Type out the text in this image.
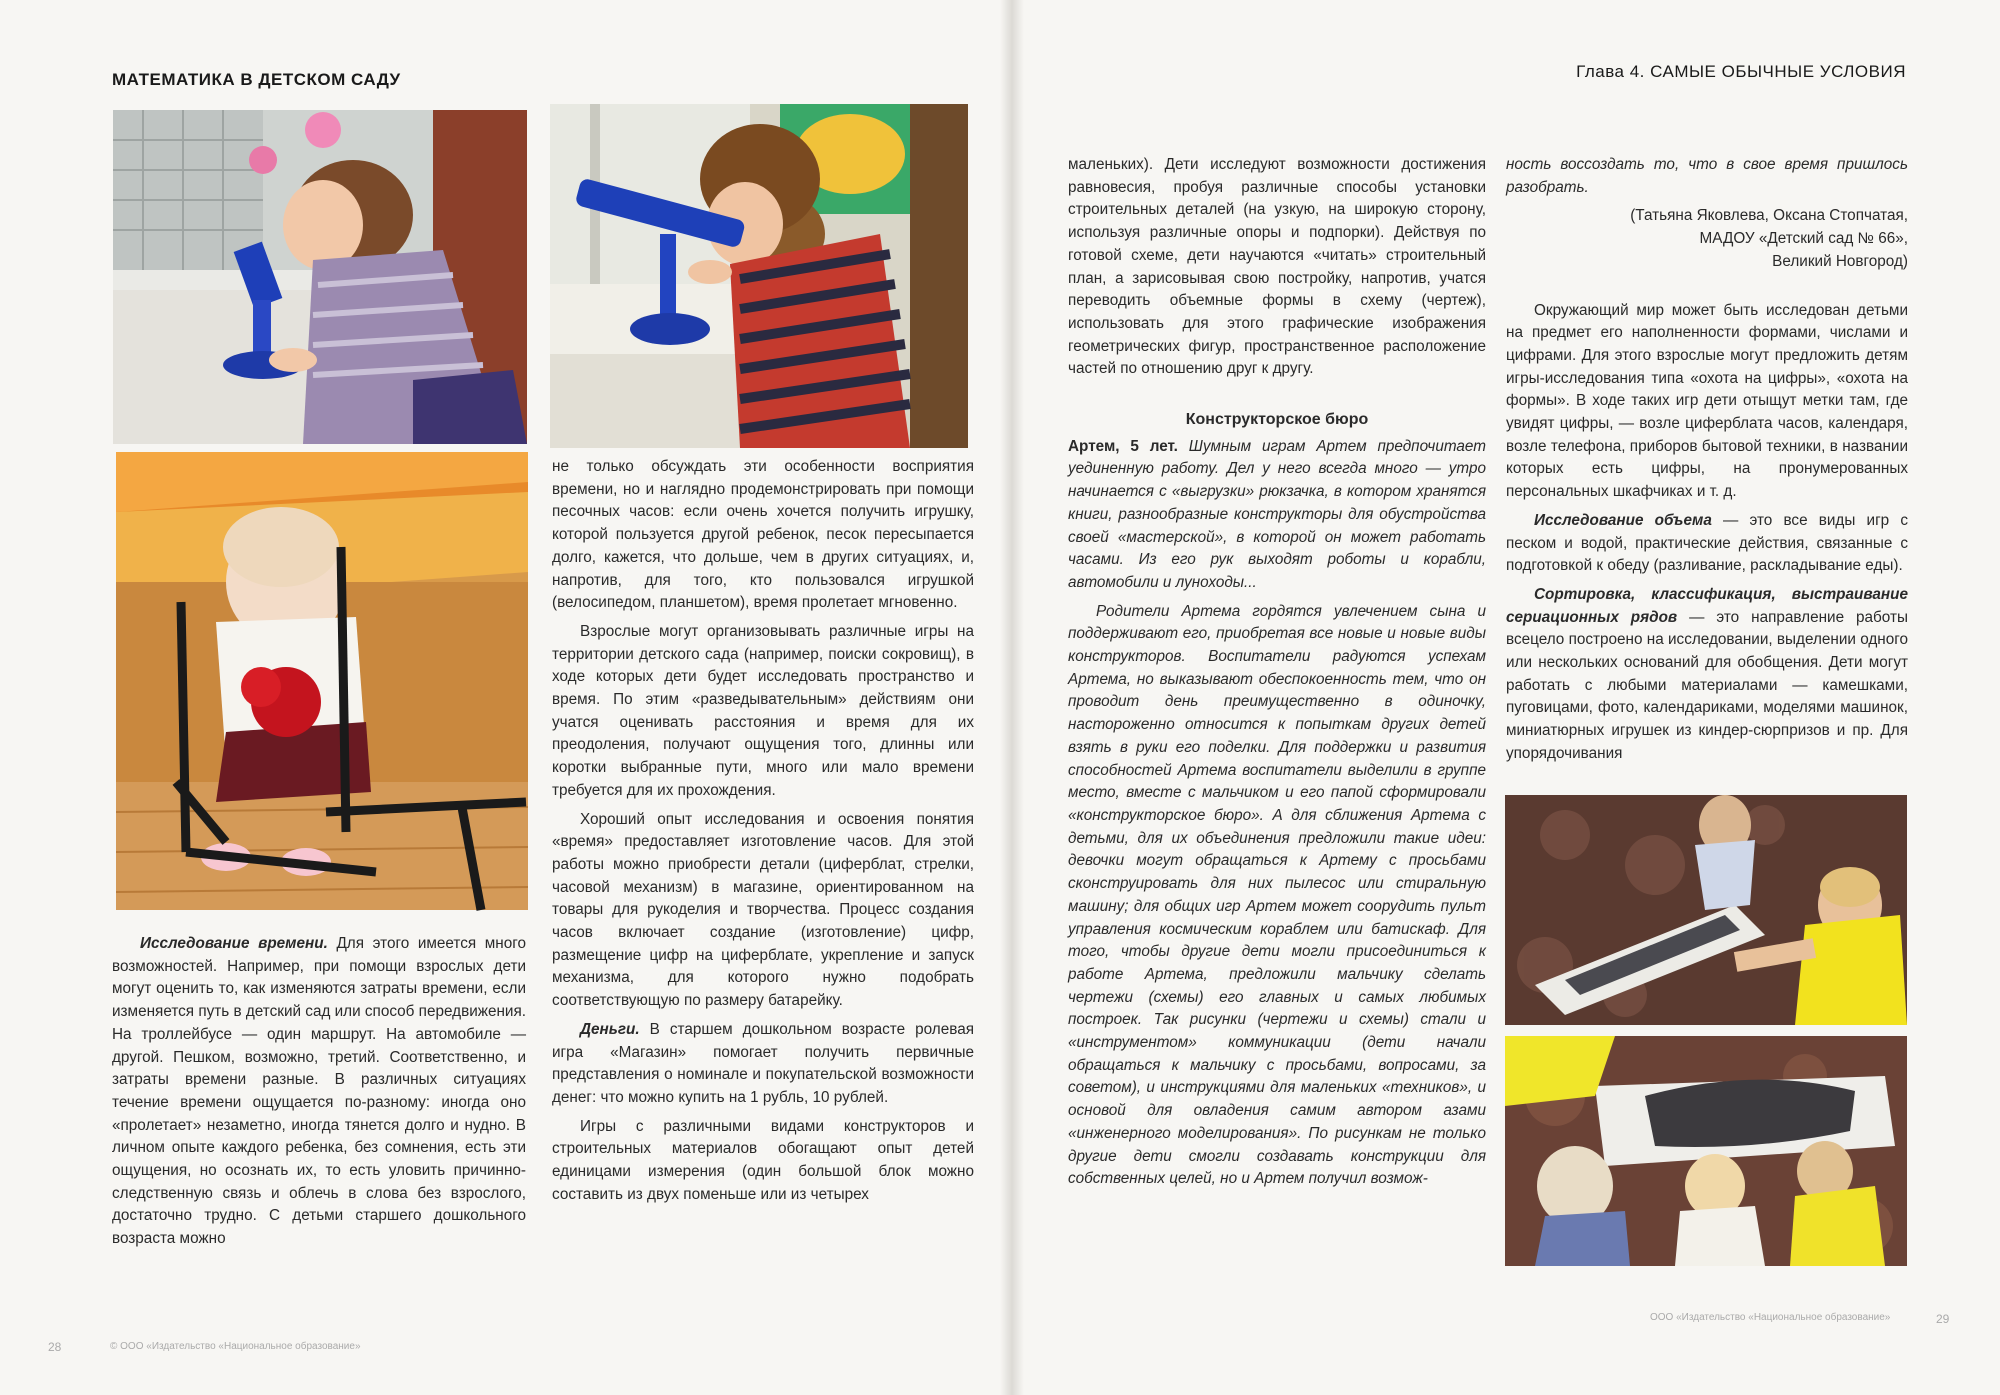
МАТЕМАТИКА В ДЕТСКОМ САДУ	Глава 4. САМЫЕ ОБЫЧНЫЕ УСЛОВИЯ

Исследование времени. Для этого имеется много возможностей. Например, при помощи взрослых дети могут оценить то, как изменяются затраты времени, если изменяется путь в детский сад или способ передвижения. На троллейбусе — один маршрут. На автомобиле — другой. Пешком, возможно, третий. Соответственно, и затраты времени разные. В различных ситуациях течение времени ощущается по-разному: иногда оно «пролетает» незаметно, иногда тянется долго и нудно. В личном опыте каждого ребенка, без сомнения, есть эти ощущения, но осознать их, то есть уловить причинно-следственную связь и облечь в слова без взрослого, достаточно трудно. С детьми старшего дошкольного возраста можно

не только обсуждать эти особенности восприятия времени, но и наглядно продемонстрировать при помощи песочных часов: если очень хочется получить игрушку, которой пользуется другой ребенок, песок пересыпается долго, кажется, что дольше, чем в других ситуациях, и, напротив, для того, кто пользовался игрушкой (велосипедом, планшетом), время пролетает мгновенно.

Взрослые могут организовывать различные игры на территории детского сада (например, поиски сокровищ), в ходе которых дети будет исследовать пространство и время. По этим «разведывательным» действиям они учатся оценивать расстояния и время для их преодоления, получают ощущения того, длинны или коротки выбранные пути, много или мало времени требуется для их прохождения.

Хороший опыт исследования и освоения понятия «время» предоставляет изготовление часов. Для этой работы можно приобрести детали (циферблат, стрелки, часовой механизм) в магазине, ориентированном на товары для рукоделия и творчества. Процесс создания часов включает создание (изготовление) цифр, размещение цифр на циферблате, укрепление и запуск механизма, для которого нужно подобрать соответствующую по размеру батарейку.

Деньги. В старшем дошкольном возрасте ролевая игра «Магазин» помогает получить первичные представления о номинале и покупательской возможности денег: что можно купить на 1 рубль, 10 рублей.

Игры с различными видами конструкторов и строительных материалов обогащают опыт детей единицами измерения (один большой блок можно составить из двух поменьше или из четырех

28	© ООО «Издательство «Национальное образование»

маленьких). Дети исследуют возможности достижения равновесия, пробуя различные способы установки строительных деталей (на узкую, на широкую сторону, используя различные опоры и подпорки). Действуя по готовой схеме, дети научаются «читать» строительный план, а зарисовывая свою постройку, напротив, учатся переводить объемные формы в схему (чертеж), использовать для этого графические изображения геометрических фигур, пространственное расположение частей по отношению друг к другу.

Конструкторское бюро

Артем, 5 лет. Шумным играм Артем предпочитает уединенную работу. Дел у него всегда много — утро начинается с «выгрузки» рюкзачка, в котором хранятся книги, разнообразные конструкторы для обустройства своей «мастерской», в которой он может работать часами. Из его рук выходят роботы и корабли, автомобили и луноходы...

Родители Артема гордятся увлечением сына и поддерживают его, приобретая все новые и новые виды конструкторов. Воспитатели радуются успехам Артема, но выказывают обеспокоенность тем, что он проводит день преимущественно в одиночку, настороженно относится к попыткам других детей взять в руки его поделки. Для поддержки и развития способностей Артема воспитатели выделили в группе место, вместе с мальчиком и его папой сформировали «конструкторское бюро». А для сближения Артема с детьми, для их объединения предложили такие идеи: девочки могут обращаться к Артему с просьбами сконструировать для них пылесос или стиральную машину; для общих игр Артем может соорудить пульт управления космическим кораблем или батискаф. Для того, чтобы другие дети могли присоединиться к работе Артема, предложили мальчику сделать чертежи (схемы) его главных и самых любимых построек. Так рисунки (чертежи и схемы) стали и «инструментом» коммуникации (дети начали обращаться к мальчику с просьбами, вопросами, за советом), и инструкциями для маленьких «техников», и основой для овладения самим автором азами «инженерного моделирования». По рисункам не только другие дети смогли создавать конструкции для собственных целей, но и Артем получил возмож-

ность воссоздать то, что в свое время пришлось разобрать.

(Татьяна Яковлева, Оксана Стопчатая,
МАДОУ «Детский сад № 66»,
Великий Новгород)

Окружающий мир может быть исследован детьми на предмет его наполненности формами, числами и цифрами. Для этого взрослые могут предложить детям игры-исследования типа «охота на цифры», «охота на формы». В ходе таких игр дети отыщут метки там, где увидят цифры, — возле циферблата часов, календаря, возле телефона, приборов бытовой техники, в названии которых есть цифры, на пронумерованных персональных шкафчиках и т. д.

Исследование объема — это все виды игр с песком и водой, практические действия, связанные с подготовкой к обеду (разливание, раскладывание еды).

Сортировка, классификация, выстраивание сериационных рядов — это направление работы всецело построено на исследовании, выделении одного или нескольких оснований для обобщения. Дети могут работать с любыми материалами — камешками, пуговицами, фото, календариками, моделями машинок, миниатюрных игрушек из киндер-сюрпризов и пр. Для упорядочивания

ООО «Издательство «Национальное образование»	29
